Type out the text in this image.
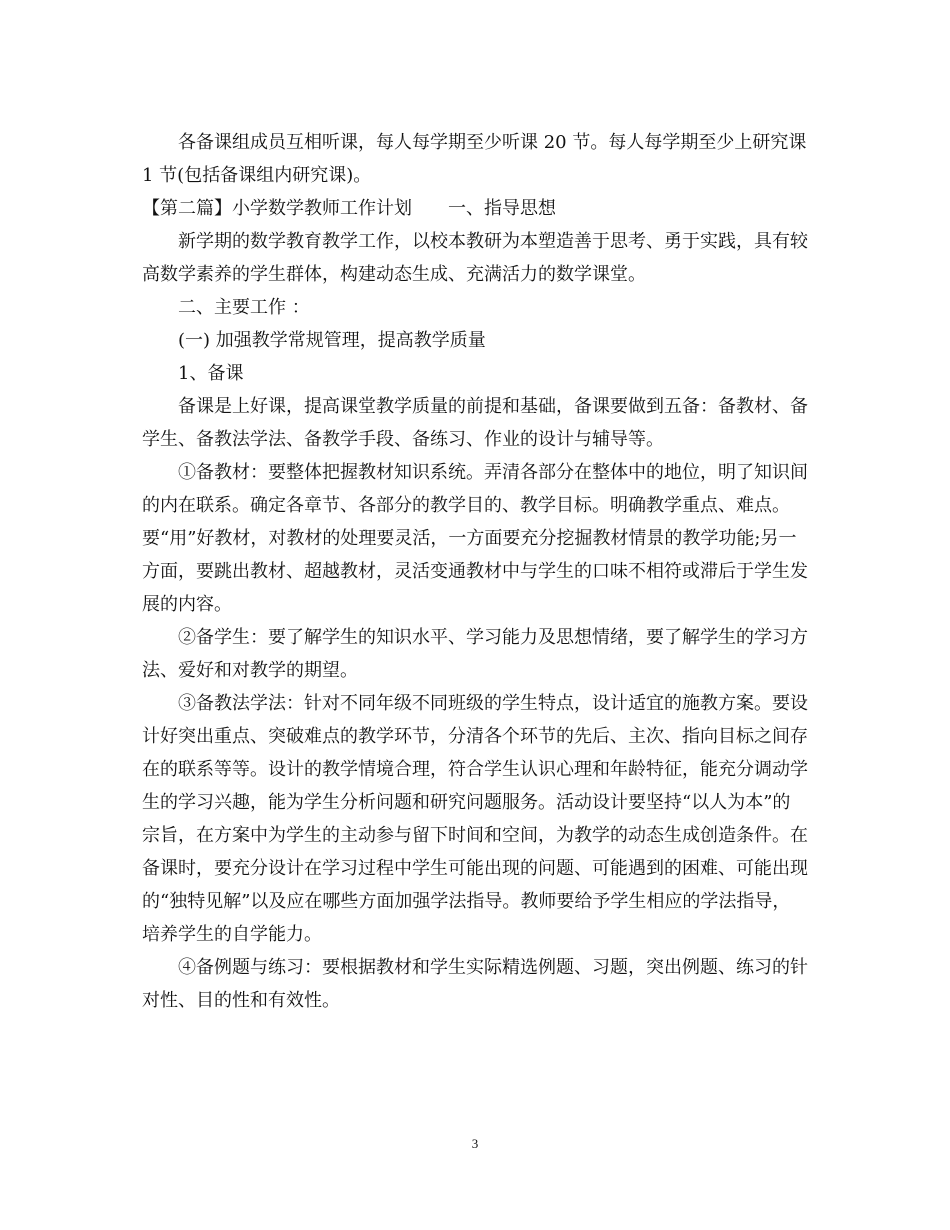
各备课组成员互相听课，每人每学期至少听课 20 节。每人每学期至少上研究课 1 节(包括备课组内研究课)。

【第二篇】小学数学教师工作计划　　一、指导思想

新学期的数学教育教学工作，以校本教研为本塑造善于思考、勇于实践，具有较高数学素养的学生群体，构建动态生成、充满活力的数学课堂。

二、主要工作 ：

(一) 加强教学常规管理，提高教学质量

1、备课

备课是上好课，提高课堂教学质量的前提和基础，备课要做到五备：备教材、备学生、备教法学法、备教学手段、备练习、作业的设计与辅导等。

①备教材：要整体把握教材知识系统。弄清各部分在整体中的地位，明了知识间的内在联系。确定各章节、各部分的教学目的、教学目标。明确教学重点、难点。要“用”好教材，对教材的处理要灵活，一方面要充分挖掘教材情景的教学功能;另一方面，要跳出教材、超越教材，灵活变通教材中与学生的口味不相符或滞后于学生发展的内容。

②备学生：要了解学生的知识水平、学习能力及思想情绪，要了解学生的学习方法、爱好和对教学的期望。

③备教法学法：针对不同年级不同班级的学生特点，设计适宜的施教方案。要设计好突出重点、突破难点的教学环节，分清各个环节的先后、主次、指向目标之间存在的联系等等。设计的教学情境合理，符合学生认识心理和年龄特征，能充分调动学生的学习兴趣，能为学生分析问题和研究问题服务。活动设计要坚持“以人为本”的宗旨，在方案中为学生的主动参与留下时间和空间，为教学的动态生成创造条件。在备课时，要充分设计在学习过程中学生可能出现的问题、可能遇到的困难、可能出现的“独特见解”以及应在哪些方面加强学法指导。教师要给予学生相应的学法指导，培养学生的自学能力。

④备例题与练习：要根据教材和学生实际精选例题、习题，突出例题、练习的针对性、目的性和有效性。

3
